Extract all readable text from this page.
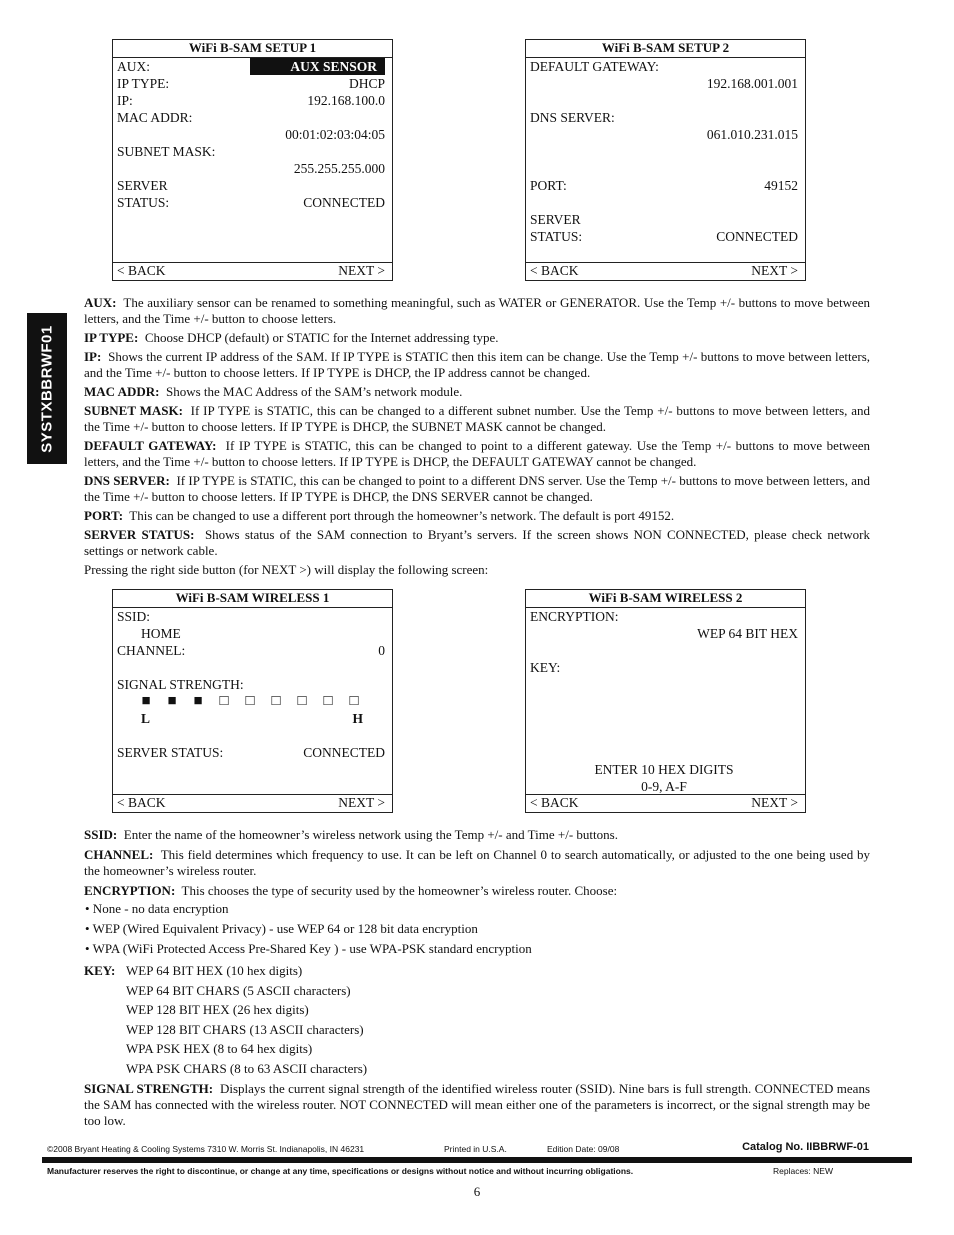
SYSTXBBRWF01
WiFi B-SAM SETUP 1
AUX:	AUX SENSOR
IP TYPE:	DHCP
IP:	192.168.100.0
MAC ADDR:
00:01:02:03:04:05
SUBNET MASK:
255.255.255.000
SERVER
STATUS:	CONNECTED
< BACK	NEXT >
WiFi B-SAM SETUP 2
DEFAULT GATEWAY:
192.168.001.001
DNS SERVER:
061.010.231.015
PORT:	49152
SERVER
STATUS:	CONNECTED
< BACK	NEXT >

AUX: The auxiliary sensor can be renamed to something meaningful, such as WATER or GENERATOR. Use the Temp +/- buttons to move between letters, and the Time +/- button to choose letters.

IP TYPE: Choose DHCP (default) or STATIC for the Internet addressing type.

IP: Shows the current IP address of the SAM. If IP TYPE is STATIC then this item can be change. Use the Temp +/- buttons to move between letters, and the Time +/- button to choose letters. If IP TYPE is DHCP, the IP address cannot be changed.

MAC ADDR: Shows the MAC Address of the SAM’s network module.

SUBNET MASK: If IP TYPE is STATIC, this can be changed to a different subnet number. Use the Temp +/- buttons to move between letters, and the Time +/- button to choose letters. If IP TYPE is DHCP, the SUBNET MASK cannot be changed.

DEFAULT GATEWAY: If IP TYPE is STATIC, this can be changed to point to a different gateway. Use the Temp +/- buttons to move between letters, and the Time +/- button to choose letters. If IP TYPE is DHCP, the DEFAULT GATEWAY cannot be changed.

DNS SERVER: If IP TYPE is STATIC, this can be changed to point to a different DNS server. Use the Temp +/- buttons to move between letters, and the Time +/- button to choose letters. If IP TYPE is DHCP, the DNS SERVER cannot be changed.

PORT: This can be changed to use a different port through the homeowner’s network. The default is port 49152.

SERVER STATUS: Shows status of the SAM connection to Bryant’s servers. If the screen shows NON CONNECTED, please check network settings or network cable.

Pressing the right side button (for NEXT >) will display the following screen:

WiFi B-SAM WIRELESS 1
SSID:
HOME
CHANNEL:	0
SIGNAL STRENGTH:
■ ■ ■ □ □ □ □ □ □
L	H
SERVER STATUS:	CONNECTED
< BACK	NEXT >
WiFi B-SAM WIRELESS 2
ENCRYPTION:
WEP 64 BIT HEX
KEY:
ENTER 10 HEX DIGITS
0-9, A-F
< BACK	NEXT >

SSID: Enter the name of the homeowner’s wireless network using the Temp +/- and Time +/- buttons.

CHANNEL: This field determines which frequency to use. It can be left on Channel 0 to search automatically, or adjusted to the one being used by the homeowner’s wireless router.

ENCRYPTION: This chooses the type of security used by the homeowner’s wireless router. Choose:

• None - no data encryption
• WEP (Wired Equivalent Privacy) - use WEP 64 or 128 bit data encryption
• WPA (WiFi Protected Access Pre-Shared Key ) - use WPA-PSK standard encryption
KEY: WEP 64 BIT HEX (10 hex digits)
WEP 64 BIT CHARS (5 ASCII characters)
WEP 128 BIT HEX (26 hex digits)
WEP 128 BIT CHARS (13 ASCII characters)
WPA PSK HEX (8 to 64 hex digits)
WPA PSK CHARS (8 to 63 ASCII characters)

SIGNAL STRENGTH: Displays the current signal strength of the identified wireless router (SSID). Nine bars is full strength. CONNECTED means the SAM has connected with the wireless router. NOT CONNECTED will mean either one of the parameters is incorrect, or the signal strength may be too low.

©2008 Bryant Heating & Cooling Systems 7310 W. Morris St. Indianapolis, IN 46231	Printed in U.S.A.	Edition Date: 09/08	Catalog No. IIBBRWF-01
Manufacturer reserves the right to discontinue, or change at any time, specifications or designs without notice and without incurring obligations.	Replaces: NEW
6
